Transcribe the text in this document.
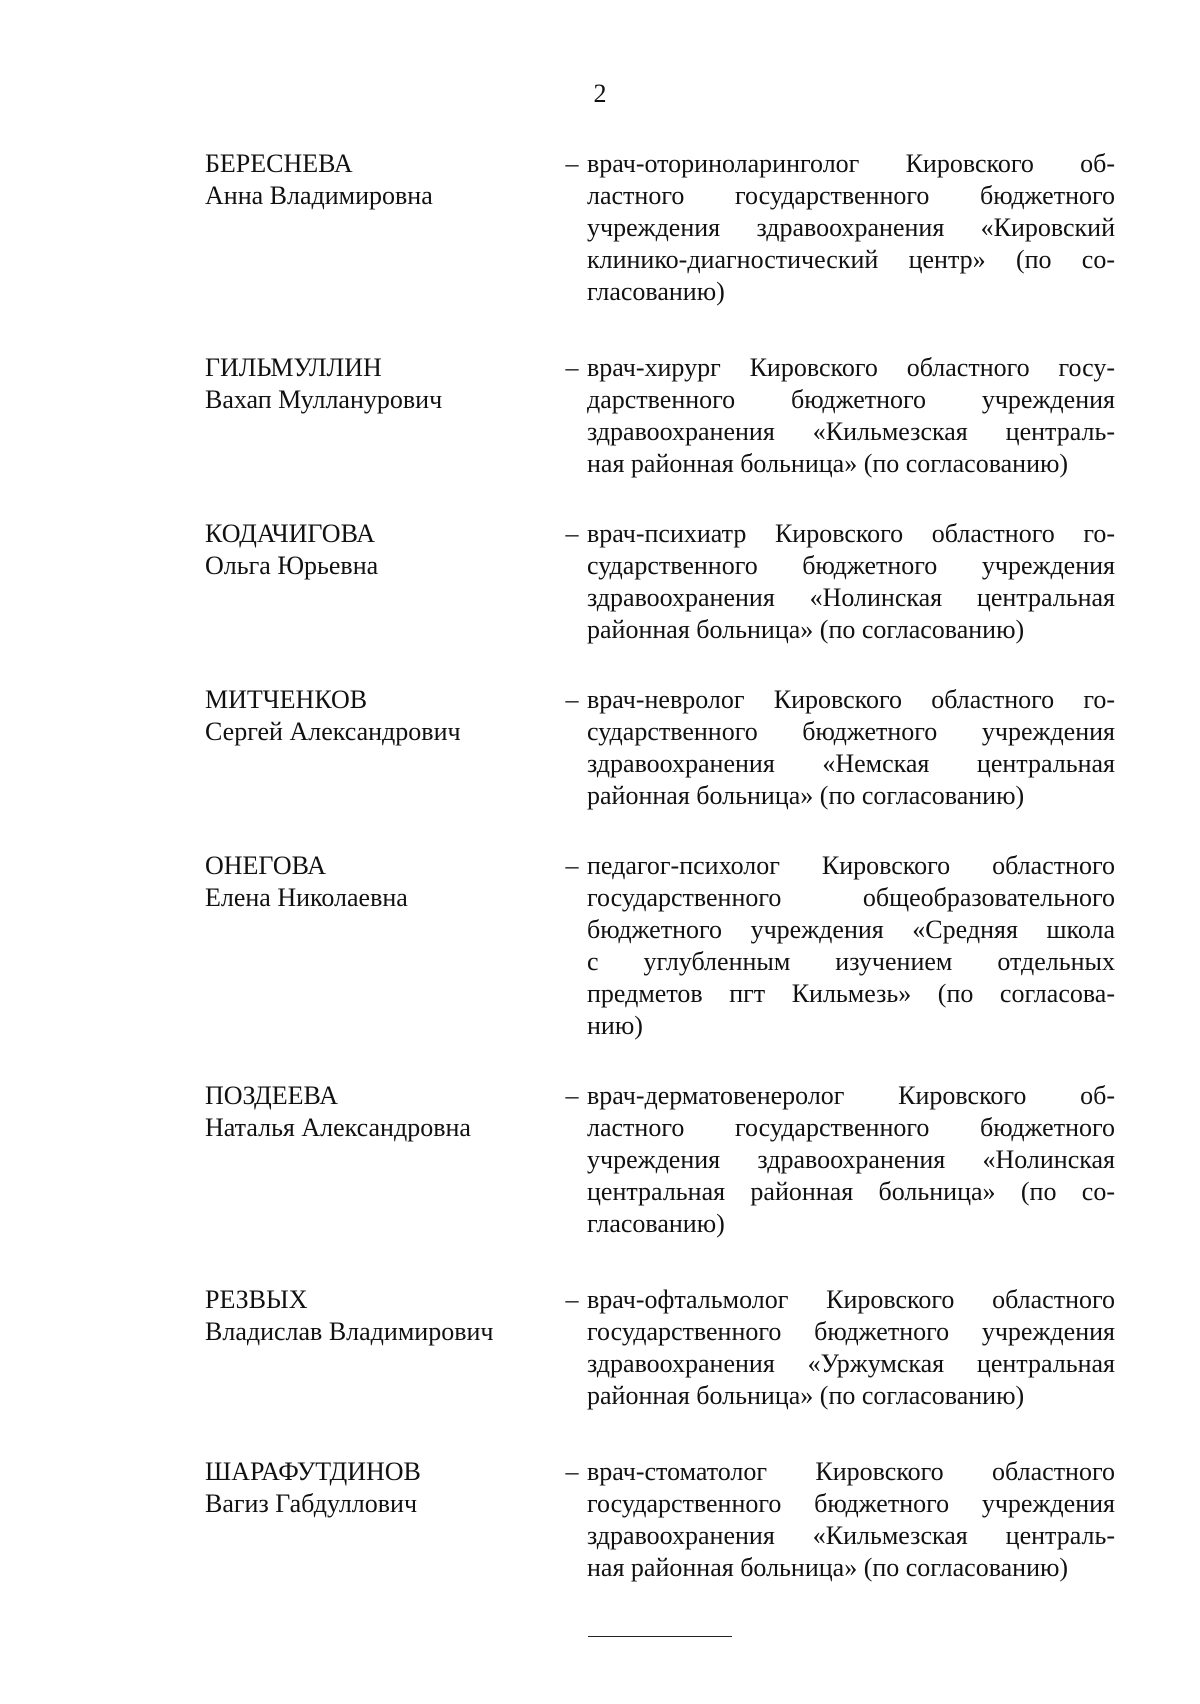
2
БЕРЕСНЕВА
Анна Владимировна
– врач-оториноларинголог Кировского об-
ластного государственного бюджетного
учреждения здравоохранения «Кировский
клинико-диагностический центр» (по со-
гласованию)
ГИЛЬМУЛЛИН
Вахап Мулланурович
– врач-хирург Кировского областного госу-
дарственного бюджетного учреждения
здравоохранения «Кильмезская централь-
ная районная больница» (по согласованию)
КОДАЧИГОВА
Ольга Юрьевна
– врач-психиатр Кировского областного го-
сударственного бюджетного учреждения
здравоохранения «Нолинская центральная
районная больница» (по согласованию)
МИТЧЕНКОВ
Сергей Александрович
– врач-невролог Кировского областного го-
сударственного бюджетного учреждения
здравоохранения «Немская центральная
районная больница» (по согласованию)
ОНЕГОВА
Елена Николаевна
– педагог-психолог Кировского областного
государственного общеобразовательного
бюджетного учреждения «Средняя школа
с углубленным изучением отдельных
предметов пгт Кильмезь» (по согласова-
нию)
ПОЗДЕЕВА
Наталья Александровна
– врач-дерматовенеролог Кировского об-
ластного государственного бюджетного
учреждения здравоохранения «Нолинская
центральная районная больница» (по со-
гласованию)
РЕЗВЫХ
Владислав Владимирович
– врач-офтальмолог Кировского областного
государственного бюджетного учреждения
здравоохранения «Уржумская центральная
районная больница» (по согласованию)
ШАРАФУТДИНОВ
Вагиз Габдуллович
– врач-стоматолог Кировского областного
государственного бюджетного учреждения
здравоохранения «Кильмезская централь-
ная районная больница» (по согласованию)
